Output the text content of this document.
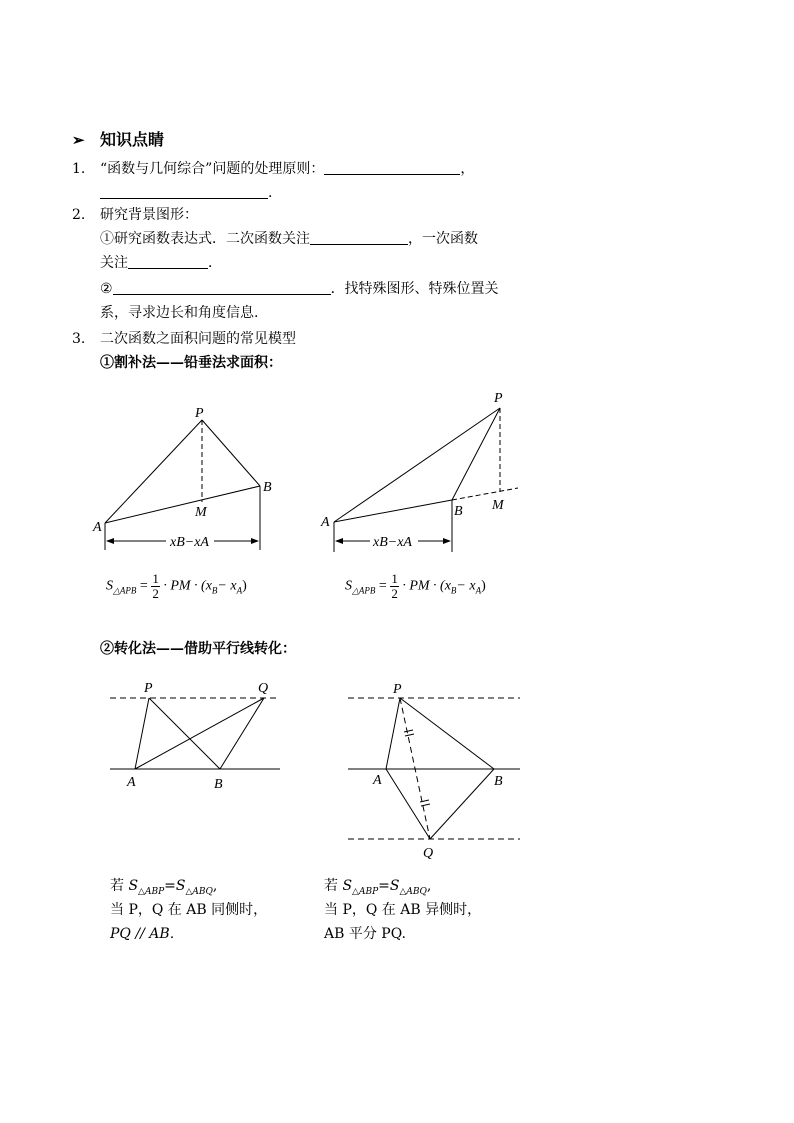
➢ 知识点睛
1. “函数与几何综合”问题的处理原则：	，
.
2. 研究背景图形：
①研究函数表达式．二次函数关注	，一次函数
关注	．
②	．找特殊图形、特殊位置关
系，寻求边长和角度信息.
3. 二次函数之面积问题的常见模型
①割补法——铅垂法求面积：
P
A
B
M
xB−xA
P
A
B M
xB−xA
$S_{\triangle APB} = \frac{1}{2}$ · PM · $(x_B- x_A)$	$S_{\triangle APB} = \frac{1}{2}$ · PM · $(x_B- x_A)$
②转化法——借助平行线转化：
P	Q
A	B
P
A	B
Q
若 $S_{\triangle ABP}=S_{\triangle ABQ}$,
当 P，Q 在 AB 同侧时，
PQ // AB．
若 $S_{\triangle ABP}=S_{\triangle ABQ}$,
当 P，Q 在 AB 异侧时，
AB 平分 PQ.
